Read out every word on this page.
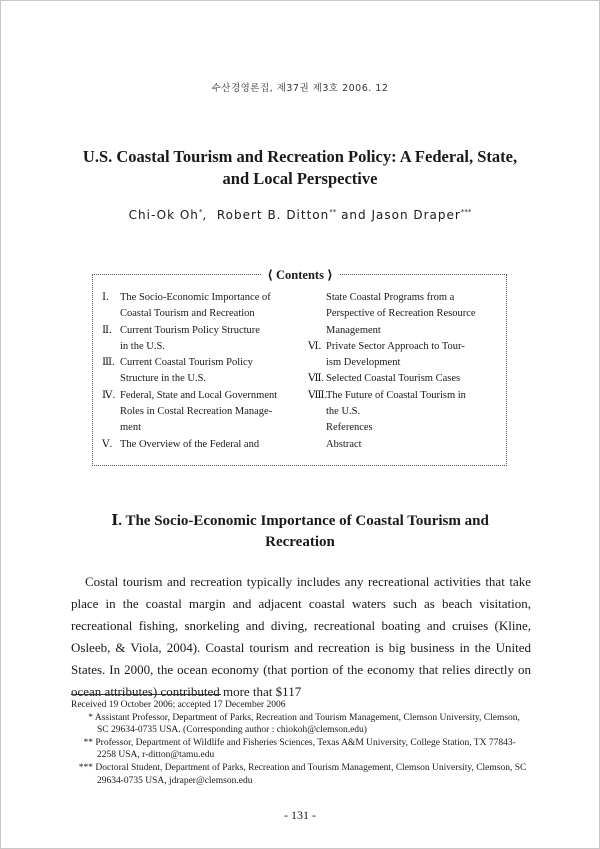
수산경영론집, 제37권 제3호 2006. 12
U.S. Coastal Tourism and Recreation Policy: A Federal, State,
and Local Perspective
Chi-Ok Oh*,  Robert B. Ditton** and Jason Draper***
⟨ Contents ⟩
Ⅰ.	The Socio-Economic Importance of
Coastal Tourism and Recreation
Ⅱ. Current Tourism Policy Structure
in the U.S.
Ⅲ. Current Coastal Tourism Policy
Structure in the U.S.
Ⅳ. Federal, State and Local Government
Roles in Costal Recreation Manage-
ment
Ⅴ. The Overview of the Federal and
State Coastal Programs from a
Perspective of Recreation Resource
Management
Ⅵ. Private Sector Approach to Tour-
ism Development
Ⅶ. Selected Coastal Tourism Cases
Ⅷ.
The Future of Coastal Tourism in
the U.S.
References
Abstract
Ⅰ. The Socio-Economic Importance of Coastal Tourism and
Recreation
Costal tourism and recreation typically includes any recreational activities that take place in the coastal margin and adjacent coastal waters such as beach visitation, recreational fishing, snorkeling and diving, recreational boating and cruises (Kline, Osleeb, & Viola, 2004). Coastal tourism and recreation is big business in the United States. In 2000, the ocean economy (that portion of the economy that relies directly on ocean attributes) contributed more that $117
Received 19 October 2006; accepted 17 December 2006
* Assistant Professor, Department of Parks, Recreation and Tourism Management, Clemson University, Clemson, SC 29634-0735 USA. (Corresponding author : chiokoh@clemson.edu)
** Professor, Department of Wildlife and Fisheries Sciences, Texas A&M University, College Station, TX 77843-2258 USA, r-ditton@tamu.edu
*** Doctoral Student, Department of Parks, Recreation and Tourism Management, Clemson University, Clemson, SC 29634-0735 USA, jdraper@clemson.edu
- 131 -
